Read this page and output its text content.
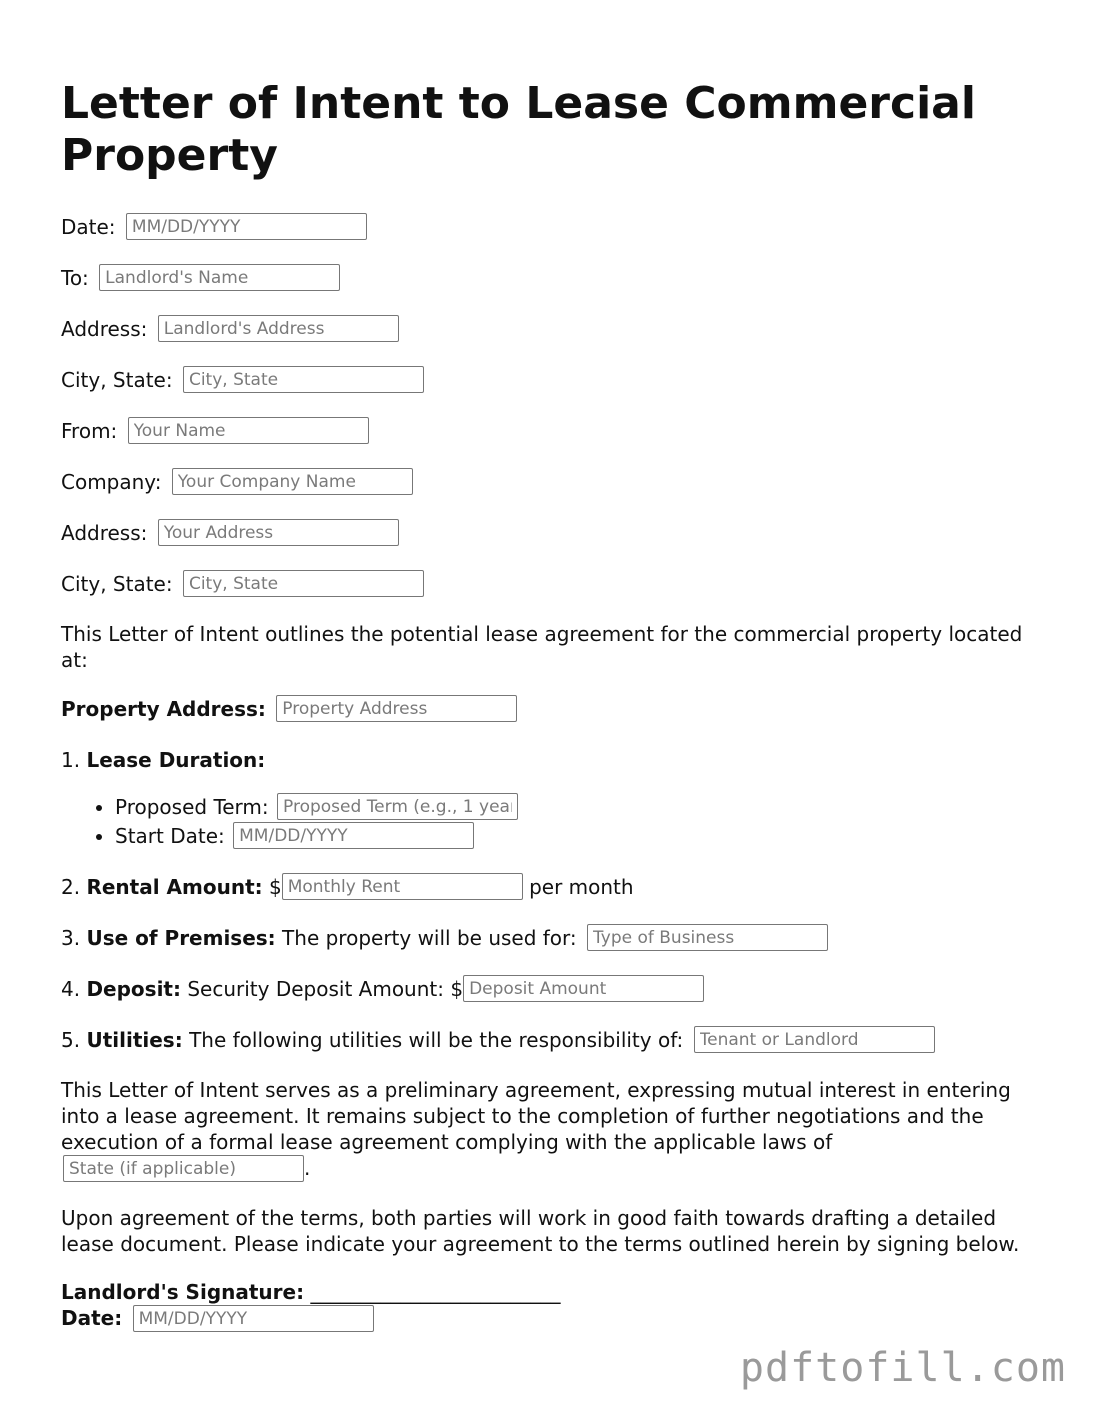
Letter of Intent to Lease Commercial Property

Date: MM/DD/YYYY

To: Landlord's Name

Address: Landlord's Address

City, State: City, State

From: Your Name

Company: Your Company Name

Address: Your Address

City, State: City, State

This Letter of Intent outlines the potential lease agreement for the commercial property located at:

Property Address: Property Address

1. Lease Duration:

• Proposed Term: Proposed Term (e.g., 1 year)
• Start Date: MM/DD/YYYY

2. Rental Amount: $Monthly Rent	per month

3. Use of Premises: The property will be used for: Type of Business

4. Deposit: Security Deposit Amount: $Deposit Amount

5. Utilities: The following utilities will be the responsibility of: Tenant or Landlord

This Letter of Intent serves as a preliminary agreement, expressing mutual interest in entering into a lease agreement. It remains subject to the completion of further negotiations and the execution of a formal lease agreement complying with the applicable laws of State (if applicable).

Upon agreement of the terms, both parties will work in good faith towards drafting a detailed lease document. Please indicate your agreement to the terms outlined herein by signing below.

Landlord's Signature: _________________________

Date: MM/DD/YYYY

pdftofill.com
